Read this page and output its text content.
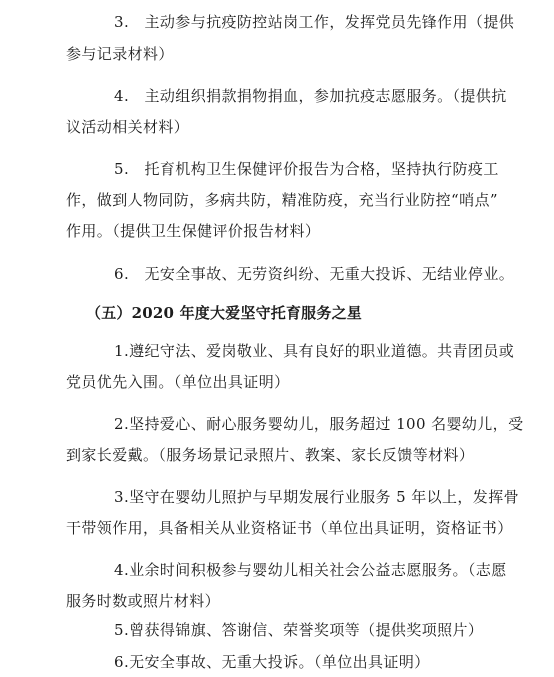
3.　主动参与抗疫防控站岗工作，发挥党员先锋作用（提供
参与记录材料）
4.　主动组织捐款捐物捐血，参加抗疫志愿服务。（提供抗
议活动相关材料）
5.　托育机构卫生保健评价报告为合格，坚持执行防疫工
作，做到人物同防，多病共防，精准防疫，充当行业防控“哨点”
作用。（提供卫生保健评价报告材料）
6.　无安全事故、无劳资纠纷、无重大投诉、无结业停业。
（五）2020 年度大爱坚守托育服务之星
1.遵纪守法、爱岗敬业、具有良好的职业道德。共青团员或
党员优先入围。（单位出具证明）
2.坚持爱心、耐心服务婴幼儿，服务超过 100 名婴幼儿，受
到家长爱戴。（服务场景记录照片、教案、家长反馈等材料）
3.坚守在婴幼儿照护与早期发展行业服务 5 年以上，发挥骨
干带领作用，具备相关从业资格证书（单位出具证明，资格证书）
4.业余时间积极参与婴幼儿相关社会公益志愿服务。（志愿
服务时数或照片材料）
5.曾获得锦旗、答谢信、荣誉奖项等（提供奖项照片）
6.无安全事故、无重大投诉。（单位出具证明）
